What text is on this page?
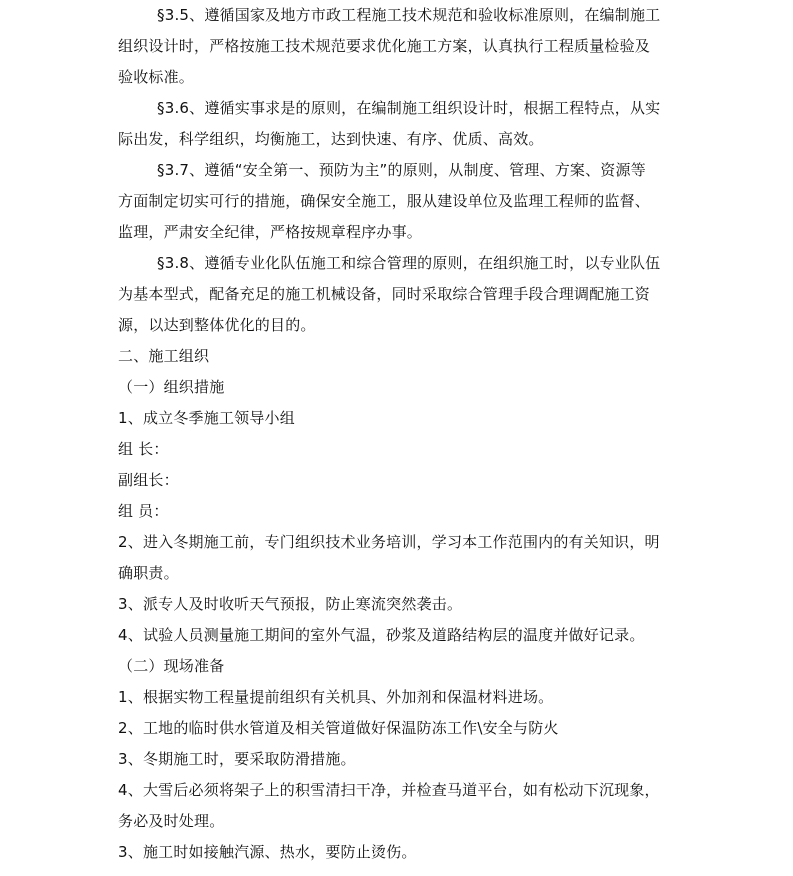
§3.5、遵循国家及地方市政工程施工技术规范和验收标准原则，在编制施工
组织设计时，严格按施工技术规范要求优化施工方案，认真执行工程质量检验及
验收标准。
§3.6、遵循实事求是的原则，在编制施工组织设计时，根据工程特点，从实
际出发，科学组织，均衡施工，达到快速、有序、优质、高效。
§3.7、遵循“安全第一、预防为主”的原则，从制度、管理、方案、资源等
方面制定切实可行的措施，确保安全施工，服从建设单位及监理工程师的监督、
监理，严肃安全纪律，严格按规章程序办事。
§3.8、遵循专业化队伍施工和综合管理的原则，在组织施工时，以专业队伍
为基本型式，配备充足的施工机械设备，同时采取综合管理手段合理调配施工资
源，以达到整体优化的目的。
二、施工组织
（一）组织措施
1、成立冬季施工领导小组
组 长：
副组长：
组 员：
2、进入冬期施工前，专门组织技术业务培训，学习本工作范围内的有关知识，明
确职责。
3、派专人及时收听天气预报，防止寒流突然袭击。
4、试验人员测量施工期间的室外气温，砂浆及道路结构层的温度并做好记录。
（二）现场准备
1、根据实物工程量提前组织有关机具、外加剂和保温材料进场。
2、工地的临时供水管道及相关管道做好保温防冻工作\安全与防火
3、冬期施工时，要采取防滑措施。
4、大雪后必须将架子上的积雪清扫干净，并检查马道平台，如有松动下沉现象，
务必及时处理。
3、施工时如接触汽源、热水，要防止烫伤。
